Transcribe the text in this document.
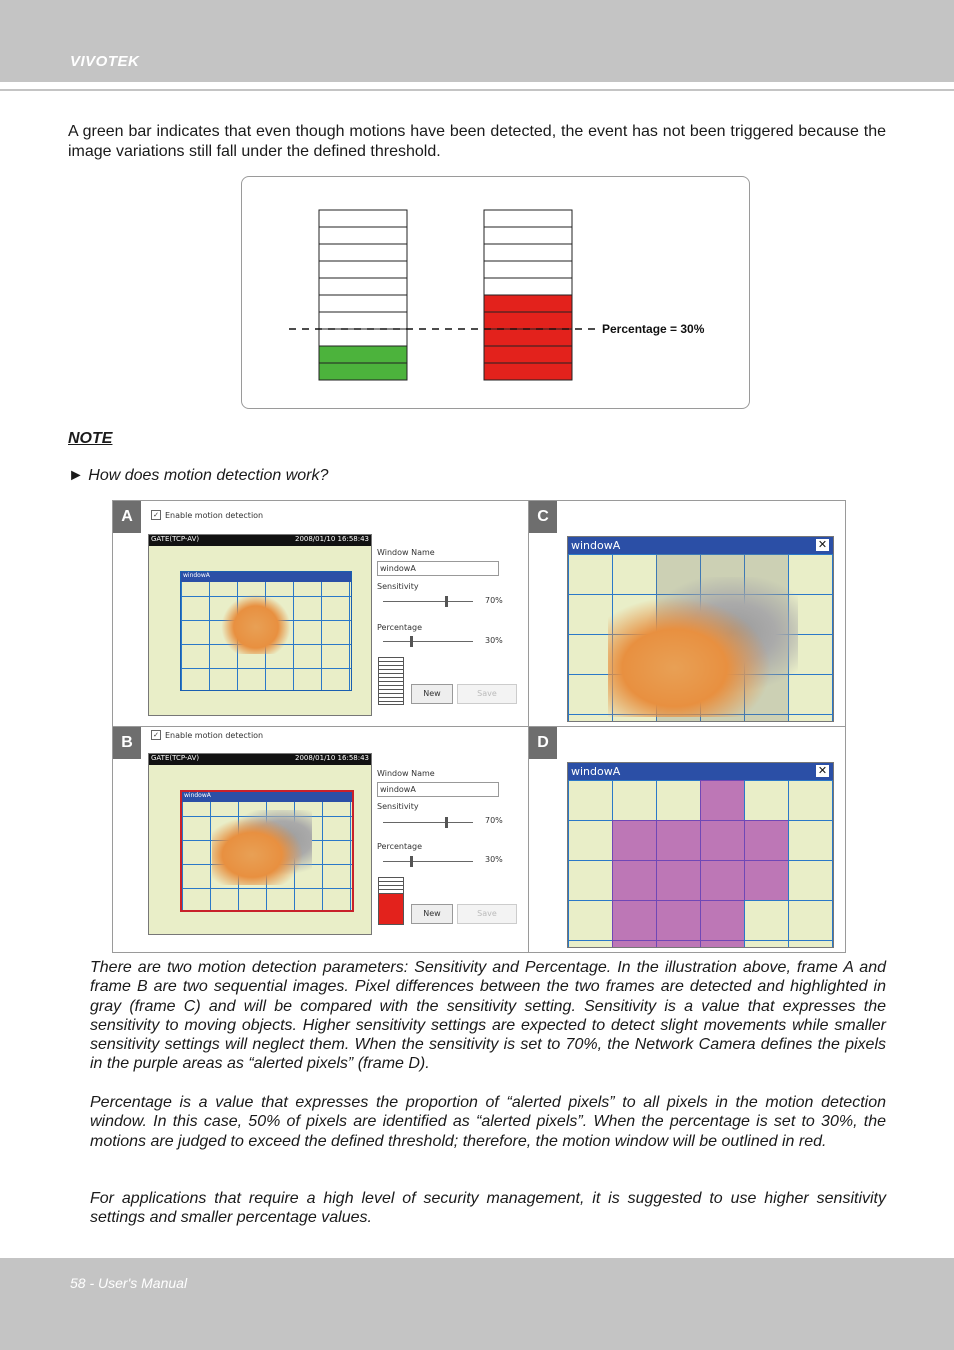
VIVOTEK
A green bar indicates that even though motions have been detected, the event has not been triggered because the image variations still fall under the defined threshold.
Percentage = 30%
NOTE
► How does motion detection work?
A	✓ Enable motion detection
GATE(TCP-AV)	2008/01/10 16:58:43
windowA
Window Name
windowA
Sensitivity
70%
Percentage
30%
New	Save
B	✓ Enable motion detection
GATE(TCP-AV)	2008/01/10 16:58:43
windowA
Window Name
windowA
Sensitivity
70%
Percentage
30%
New	Save
C
windowA	✕
D
windowA	✕
There are two motion detection parameters: Sensitivity and Percentage. In the illustration above, frame A and frame B are two sequential images. Pixel differences between the two frames are detected and highlighted in gray (frame C) and will be compared with the sensitivity setting. Sensitivity is a value that expresses the sensitivity to moving objects. Higher sensitivity settings are expected to detect slight movements while smaller sensitivity settings will neglect them. When the sensitivity is set to 70%, the Network Camera defines the pixels in the purple areas as “alerted pixels” (frame D).
Percentage is a value that expresses the proportion of “alerted pixels” to all pixels in the motion detection window. In this case, 50% of pixels are identified as “alerted pixels”. When the percentage is set to 30%, the motions are judged to exceed the defined threshold; therefore, the motion window will be outlined in red.
For applications that require a high level of security management, it is suggested to use higher sensitivity settings and smaller percentage values.
58 - User's Manual
